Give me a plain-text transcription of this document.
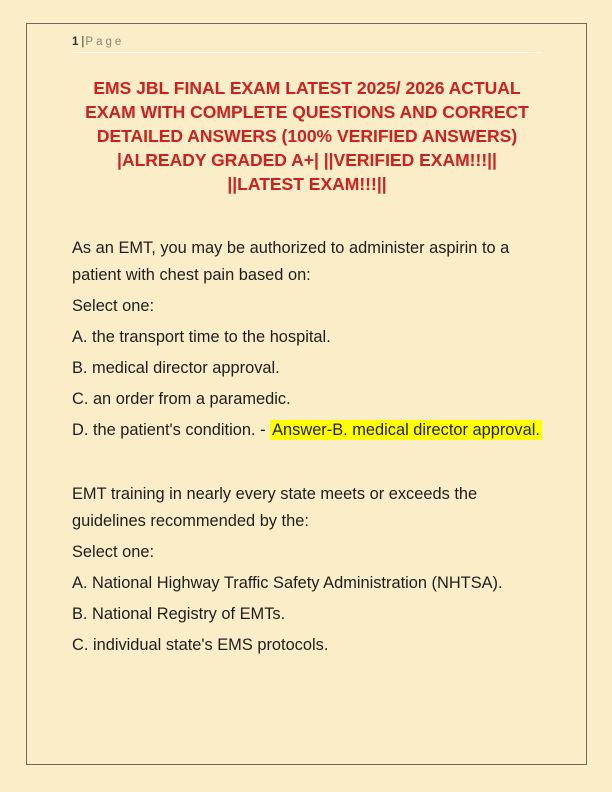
1 |Page
EMS JBL FINAL EXAM LATEST 2025/ 2026 ACTUAL
EXAM WITH COMPLETE QUESTIONS AND CORRECT
DETAILED ANSWERS (100% VERIFIED ANSWERS)
|ALREADY GRADED A+| ||VERIFIED EXAM!!!||
||LATEST EXAM!!!||

As an EMT, you may be authorized to administer aspirin to a patient with chest pain based on:

Select one:

A. the transport time to the hospital.

B. medical director approval.

C. an order from a paramedic.

D. the patient's condition. - Answer-B. medical director approval.

EMT training in nearly every state meets or exceeds the guidelines recommended by the:

Select one:

A. National Highway Traffic Safety Administration (NHTSA).

B. National Registry of EMTs.

C. individual state's EMS protocols.
